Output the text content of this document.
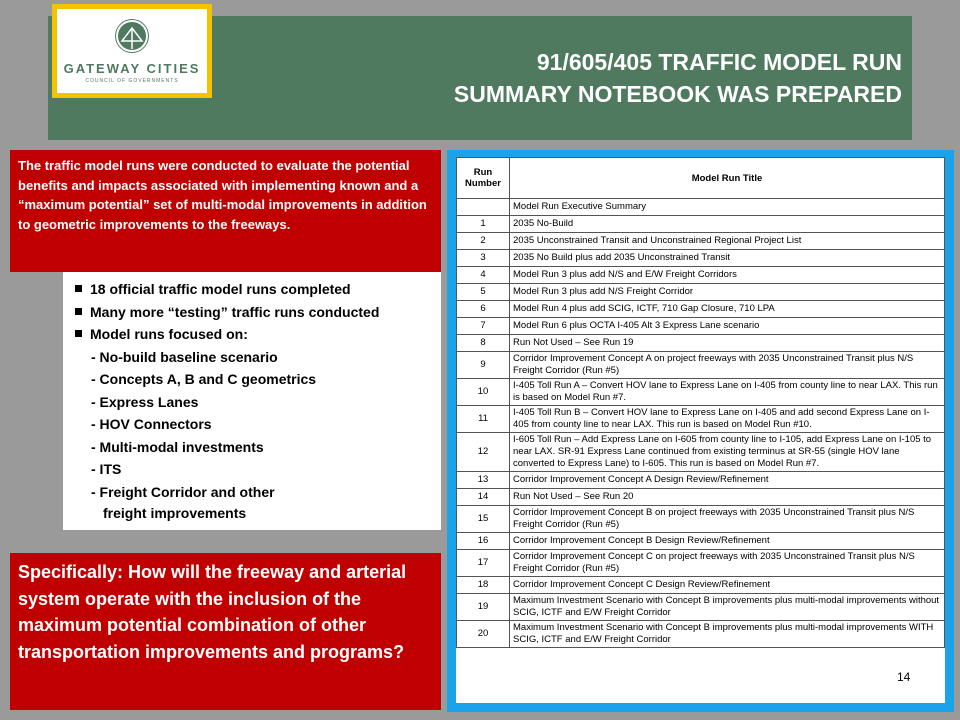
91/605/405 TRAFFIC MODEL RUN
SUMMARY NOTEBOOK WAS PREPARED
GATEWAY CITIES
COUNCIL OF GOVERNMENTS
The traffic model runs were conducted to evaluate the potential benefits and impacts associated with implementing known and a “maximum potential” set of multi-modal improvements in addition to geometric improvements to the freeways.
18 official traffic model runs completed
Many more “testing” traffic runs conducted
Model runs focused on:
- No-build baseline scenario
- Concepts A, B and C geometrics
- Express Lanes
- HOV Connectors
- Multi-modal investments
- ITS
- Freight Corridor and other
freight improvements
Specifically: How will the freeway and arterial system operate with the inclusion of the maximum potential combination of other transportation improvements and programs?
Run Number	Model Run Title
	Model Run Executive Summary
1	2035 No-Build
2	2035 Unconstrained Transit and Unconstrained Regional Project List
3	2035 No Build plus add 2035 Unconstrained Transit
4	Model Run 3 plus add N/S and E/W Freight Corridors
5	Model Run 3 plus add N/S Freight Corridor
6	Model Run 4 plus add SCIG, ICTF, 710 Gap Closure, 710 LPA
7	Model Run 6 plus OCTA I-405 Alt 3 Express Lane scenario
8	Run Not Used – See Run 19
9	Corridor Improvement Concept A on project freeways with 2035 Unconstrained Transit plus N/S Freight Corridor (Run #5)
10	I-405 Toll Run A – Convert HOV lane to Express Lane on I-405 from county line to near LAX. This run is based on Model Run #7.
11	I-405 Toll Run B – Convert HOV lane to Express Lane on I-405 and add second Express Lane on I-405 from county line to near LAX. This run is based on Model Run #10.
12	I-605 Toll Run – Add Express Lane on I-605 from county line to I-105, add Express Lane on I-105 to near LAX. SR-91 Express Lane continued from existing terminus at SR-55 (single HOV lane converted to Express Lane) to I-605. This run is based on Model Run #7.
13	Corridor Improvement Concept A Design Review/Refinement
14	Run Not Used – See Run 20
15	Corridor Improvement Concept B on project freeways with 2035 Unconstrained Transit plus N/S Freight Corridor (Run #5)
16	Corridor Improvement Concept B Design Review/Refinement
17	Corridor Improvement Concept C on project freeways with 2035 Unconstrained Transit plus N/S Freight Corridor (Run #5)
18	Corridor Improvement Concept C Design Review/Refinement
19	Maximum Investment Scenario with Concept B improvements plus multi-modal improvements without SCIG, ICTF and E/W Freight Corridor
20	Maximum Investment Scenario with Concept B improvements plus multi-modal improvements WITH SCIG, ICTF and E/W Freight Corridor
14
